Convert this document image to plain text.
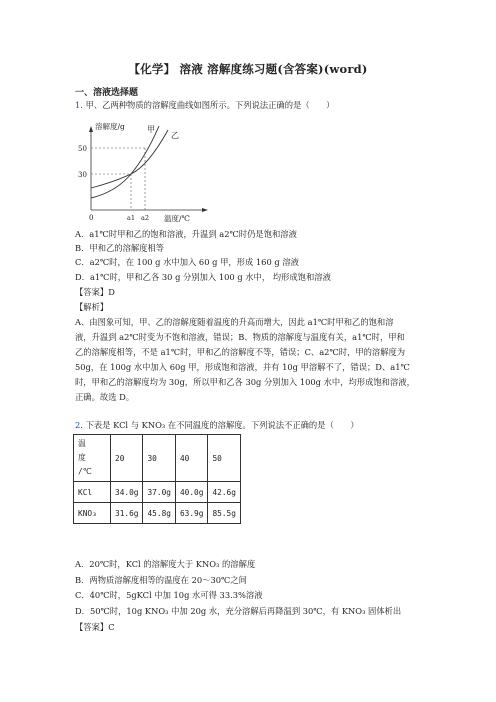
【化学】 溶液 溶解度练习题(含答案)(word)
一、溶液选择题
1. 甲、乙两种物质的溶解度曲线如图所示。下列说法正确的是（　　）
溶解度/g
50
30
甲
乙
0	a1 a2 温度/℃
A．a1℃时甲和乙的饱和溶液，升温到 a2℃时仍是饱和溶液
B．甲和乙的溶解度相等
C．a2℃时，在 100 g 水中加入 60 g 甲，形成 160 g 溶液
D．a1℃时，甲和乙各 30 g 分别加入 100 g 水中， 均形成饱和溶液
【答案】D
【解析】
A、由图象可知，甲、乙的溶解度随着温度的升高而增大，因此 a1℃时甲和乙的饱和溶
液，升温到 a2℃时变为不饱和溶液，错误；B、物质的溶解度与温度有关，a1℃时，甲和
乙的溶解度相等，不是 a1℃时，甲和乙的溶解度不等，错误；C、a2℃时，甲的溶解度为
50g，在 100g 水中加入 60g 甲，形成饱和溶液，并有 10g 甲溶解不了，错误；D、a1℃
时，甲和乙的溶解度均为 30g，所以甲和乙各 30g 分别加入 100g 水中，均形成饱和溶液，
正确。故选 D。
2. 下表是 KCl 与 KNO₃ 在不同温度的溶解度。下列说法不正确的是（　　）
温
度
/℃	20	30	40	50
KCl	34.0g	37.0g	40.0g	42.6g
KNO₃	31.6g	45.8g	63.9g	85.5g
A．20℃时，KCl 的溶解度大于 KNO₃ 的溶解度
B．两物质溶解度相等的温度在 20～30℃之间
C．40℃时，5gKCl 中加 10g 水可得 33.3%溶液
D．50℃时，10g KNO₃ 中加 20g 水，充分溶解后再降温到 30℃，有 KNO₃ 固体析出
【答案】C
